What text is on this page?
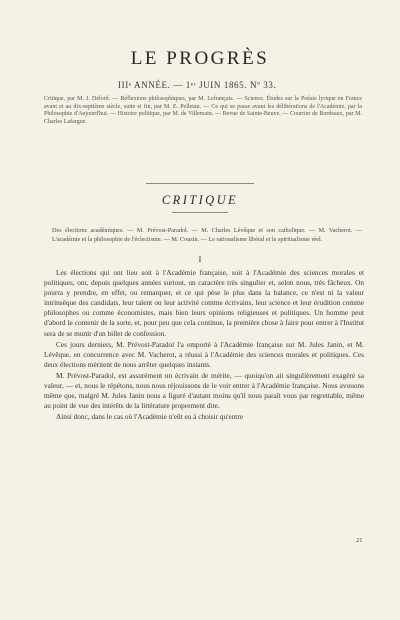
LE PROGRÈS
IIIᵉ ANNÉE. — 1ᵉʳ JUIN 1865. Nº 33.
Critique, par M. J. Delord. — Réflexions philosophiques, par M. Lefrançais. — Science. Études sur la Poésie lyrique en France avant et au dix-septième siècle, suite et fin, par M. E. Pelletan. — Ce qui se passe avant les délibérations de l'Académie, par la Philosophie d'Aujourd'hui. — Histoire politique, par M. de Villemain. — Revue de Sainte-Beuve. — Courrier de Bordeaux, par M. Charles Lafargue.
CRITIQUE
Des élections académiques. — M. Prévost-Paradol. — M. Charles Lévêque et son catholique. — M. Vacherot. — L'académie et la philosophie de l'éclectisme. — M. Cousin. — Le rationalisme libéral et le spiritualisme réel.
I

Les élections qui ont lieu soit à l'Académie française, soit à l'Académie des sciences morales et politiques, ont, depuis quelques années surtout, un caractère très singulier et, selon nous, très fâcheux. On pourra y prendre, en effet, ou remarquer, et ce qui pèse le plus dans la balance, ce n'est ni la valeur intrinsèque des candidats, leur talent ou leur activité comme écrivains, leur science et leur érudition comme philosophes ou comme économistes, mais bien leurs opinions religieuses et politiques. Un homme peut d'abord le contenir de la sorte, et, pour peu que cela continue, la première chose à faire pour entrer à l'Institut sera de se munir d'un billet de confession.

Ces jours derniers, M. Prévost-Paradol l'a emporté à l'Académie française sur M. Jules Janin, et M. Lévêque, en concurrence avec M. Vacherot, a réussi à l'Académie des sciences morales et politiques. Ces deux élections méritent de nous arrêter quelques instants.

M. Prévost-Paradol, est assurément un écrivain de mérite, — quoiqu'on ait singulièrement exagéré sa valeur, — et, nous le répétons, nous nous réjouissons de le voir entrer à l'Académie française. Nous avouons même que, malgré M. Jules Janin nous a figuré d'autant moins qu'il nous paraît vous par regrettable, même au point de vue des intérêts de la littérature proprement dite.

Ainsi donc, dans le cas où l'Académie n'eût eu à choisir qu'entre

21
